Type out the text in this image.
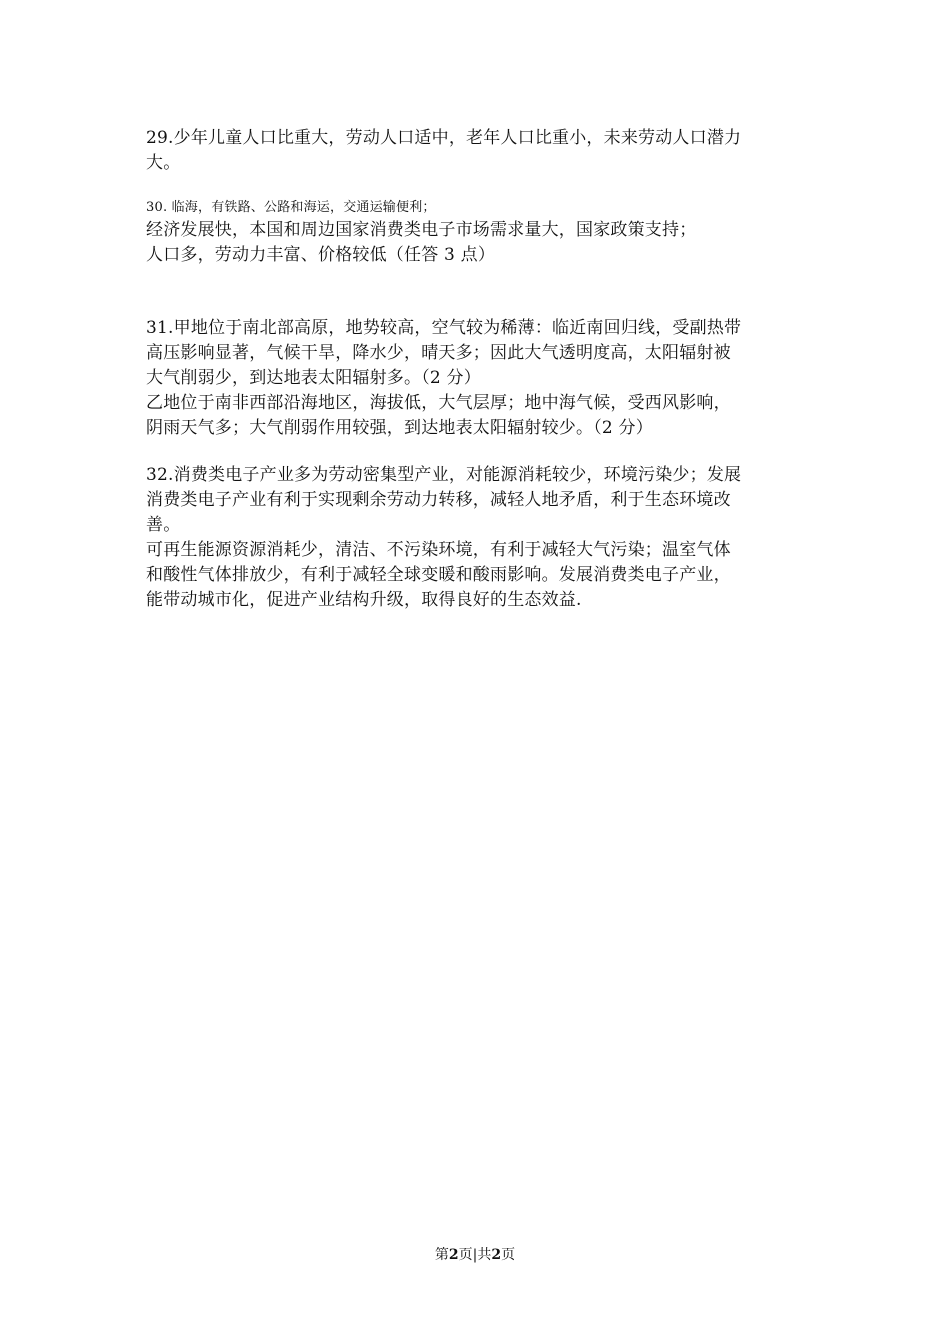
29.少年儿童人口比重大，劳动人口适中，老年人口比重小，未来劳动人口潜力

大。

30. 临海，有铁路、公路和海运，交通运输便利；

经济发展快，本国和周边国家消费类电子市场需求量大，国家政策支持；

人口多，劳动力丰富、价格较低（任答 3 点）

31.甲地位于南北部高原，地势较高，空气较为稀薄：临近南回归线，受副热带

高压影响显著，气候干旱，降水少，晴天多；因此大气透明度高，太阳辐射被

大气削弱少，到达地表太阳辐射多。（2 分）

乙地位于南非西部沿海地区，海拔低，大气层厚；地中海气候，受西风影响，

阴雨天气多；大气削弱作用较强，到达地表太阳辐射较少。（2 分）

32.消费类电子产业多为劳动密集型产业，对能源消耗较少，环境污染少；发展

消费类电子产业有利于实现剩余劳动力转移，减轻人地矛盾，利于生态环境改

善。

可再生能源资源消耗少，清洁、不污染环境，有利于减轻大气污染；温室气体

和酸性气体排放少，有利于减轻全球变暖和酸雨影响。发展消费类电子产业，

能带动城市化，促进产业结构升级，取得良好的生态效益.

第2页|共2页
